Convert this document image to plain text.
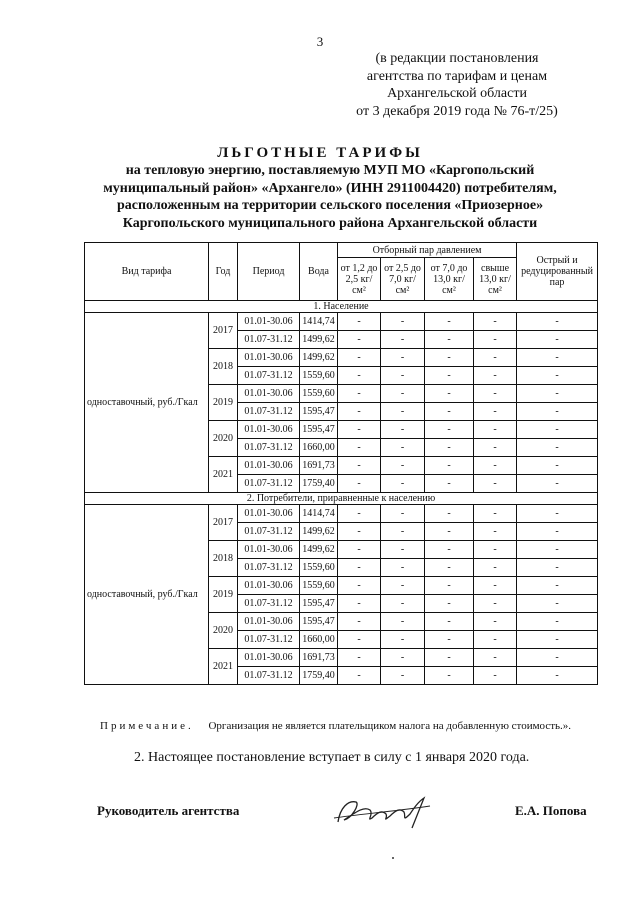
3
(в редакции постановления
агентства по тарифам и ценам
Архангельской области
от 3 декабря 2019 года № 76-т/25)
ЛЬГОТНЫЕ ТАРИФЫ
на тепловую энергию, поставляемую МУП МО «Каргопольский
муниципальный район» «Архангело» (ИНН 2911004420) потребителям,
расположенным на территории сельского поселения «Приозерное»
Каргопольского муниципального района Архангельской области
Вид тарифа	Год	Период	Вода	Отборный пар давлением				Острый и редуцированный пар
				от 1,2 до 2,5 кг/см²	от 2,5 до 7,0 кг/см²	от 7,0 до 13,0 кг/см²	свыше 13,0 кг/см²	
1. Население								
одноставочный, руб./Гкал	2017	01.01-30.06	1414,74	-	-	-	-	-
		01.07-31.12	1499,62	-	-	-	-	-
	2018	01.01-30.06	1499,62	-	-	-	-	-
		01.07-31.12	1559,60	-	-	-	-	-
	2019	01.01-30.06	1559,60	-	-	-	-	-
		01.07-31.12	1595,47	-	-	-	-	-
	2020	01.01-30.06	1595,47	-	-	-	-	-
		01.07-31.12	1660,00	-	-	-	-	-
	2021	01.01-30.06	1691,73	-	-	-	-	-
		01.07-31.12	1759,40	-	-	-	-	-
2. Потребители, приравненные к населению								
одноставочный, руб./Гкал	2017	01.01-30.06	1414,74	-	-	-	-	-
		01.07-31.12	1499,62	-	-	-	-	-
	2018	01.01-30.06	1499,62	-	-	-	-	-
		01.07-31.12	1559,60	-	-	-	-	-
	2019	01.01-30.06	1559,60	-	-	-	-	-
		01.07-31.12	1595,47	-	-	-	-	-
	2020	01.01-30.06	1595,47	-	-	-	-	-
		01.07-31.12	1660,00	-	-	-	-	-
	2021	01.01-30.06	1691,73	-	-	-	-	-
		01.07-31.12	1759,40	-	-	-	-	-
Примечание. Организация не является плательщиком налога на добавленную стоимость.».
2. Настоящее постановление вступает в силу с 1 января 2020 года.
Руководитель агентства	Е.А. Попова
